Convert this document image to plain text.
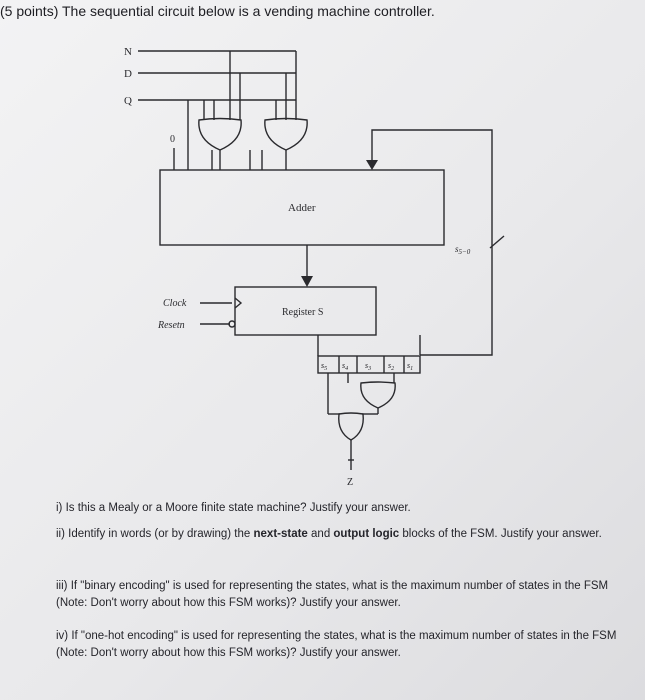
(5 points) The sequential circuit below is a vending machine controller.
N
D
Q
0
Adder
$s_{5-0}$
Clock
Resetn
Register S
$s_5$ $s_4$ $s_3$ $s_2$ $s_1$
Z
i) Is this a Mealy or a Moore finite state machine? Justify your answer.
ii) Identify in words (or by drawing) the next-state and output logic blocks of the FSM. Justify your answer.
iii) If "binary encoding" is used for representing the states, what is the maximum number of states in the FSM (Note: Don't worry about how this FSM works)? Justify your answer.
iv) If "one-hot encoding" is used for representing the states, what is the maximum number of states in the FSM (Note: Don't worry about how this FSM works)? Justify your answer.
